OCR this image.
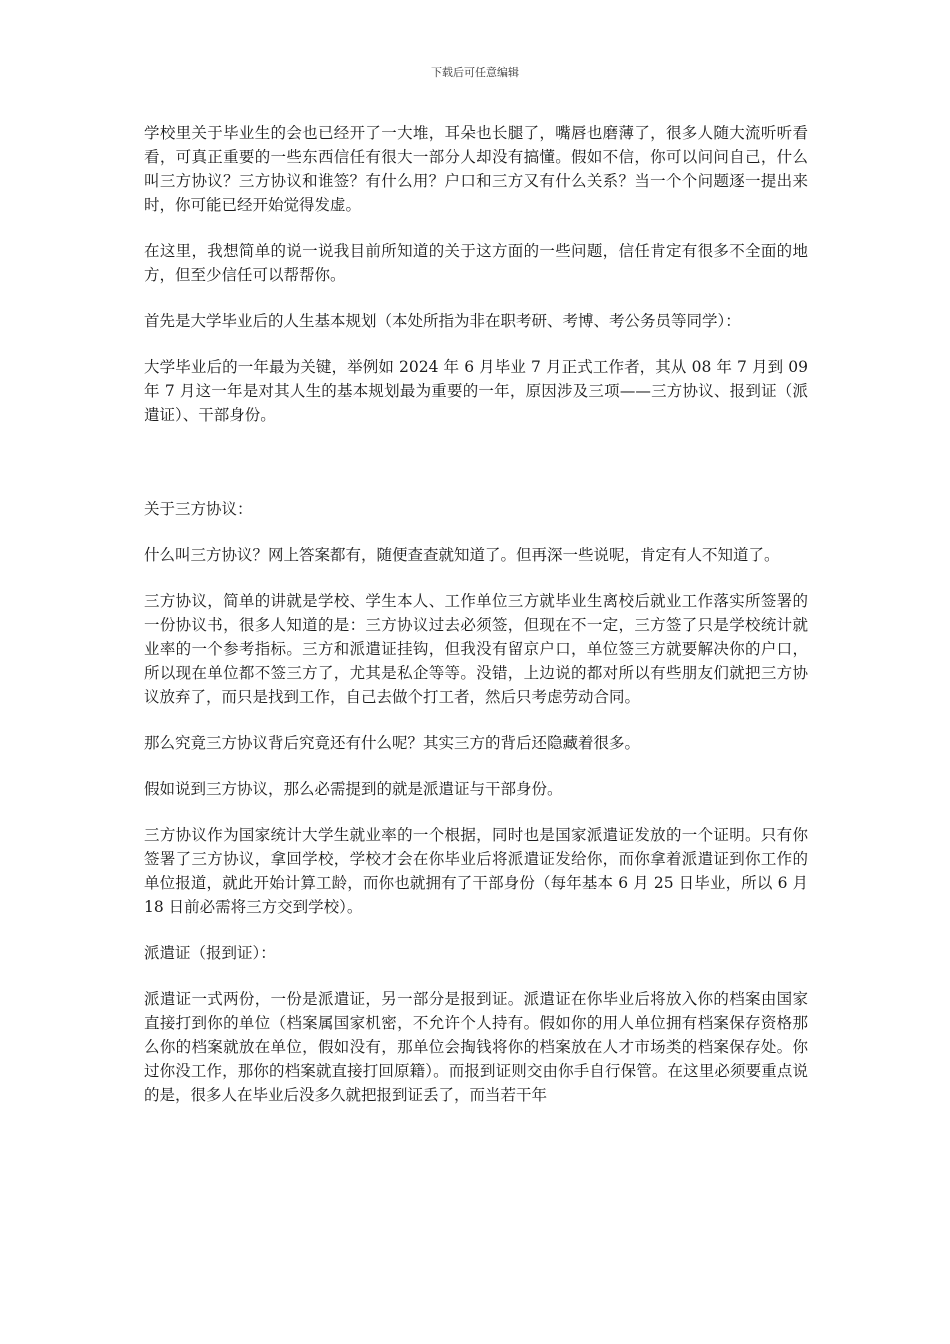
下载后可任意编辑

学校里关于毕业生的会也已经开了一大堆，耳朵也长腿了，嘴唇也磨薄了，很多人随大流听听看看，可真正重要的一些东西信任有很大一部分人却没有搞懂。假如不信，你可以问问自己，什么叫三方协议？三方协议和谁签？有什么用？户口和三方又有什么关系？当一个个问题逐一提出来时，你可能已经开始觉得发虚。

在这里，我想简单的说一说我目前所知道的关于这方面的一些问题，信任肯定有很多不全面的地方，但至少信任可以帮帮你。

首先是大学毕业后的人生基本规划（本处所指为非在职考研、考博、考公务员等同学）：

大学毕业后的一年最为关键，举例如 2024 年 6 月毕业 7 月正式工作者，其从 08 年 7 月到 09 年 7 月这一年是对其人生的基本规划最为重要的一年，原因涉及三项——三方协议、报到证（派遣证）、干部身份。

关于三方协议：

什么叫三方协议？网上答案都有，随便查查就知道了。但再深一些说呢，肯定有人不知道了。

三方协议，简单的讲就是学校、学生本人、工作单位三方就毕业生离校后就业工作落实所签署的一份协议书，很多人知道的是：三方协议过去必须签，但现在不一定，三方签了只是学校统计就业率的一个参考指标。三方和派遣证挂钩，但我没有留京户口，单位签三方就要解决你的户口，所以现在单位都不签三方了，尤其是私企等等。没错，上边说的都对所以有些朋友们就把三方协议放弃了，而只是找到工作，自己去做个打工者，然后只考虑劳动合同。

那么究竟三方协议背后究竟还有什么呢？其实三方的背后还隐藏着很多。

假如说到三方协议，那么必需提到的就是派遣证与干部身份。

三方协议作为国家统计大学生就业率的一个根据，同时也是国家派遣证发放的一个证明。只有你签署了三方协议，拿回学校，学校才会在你毕业后将派遣证发给你，而你拿着派遣证到你工作的单位报道，就此开始计算工龄，而你也就拥有了干部身份（每年基本 6 月 25 日毕业，所以 6 月 18 日前必需将三方交到学校）。

派遣证（报到证）：

派遣证一式两份，一份是派遣证，另一部分是报到证。派遣证在你毕业后将放入你的档案由国家直接打到你的单位（档案属国家机密，不允许个人持有。假如你的用人单位拥有档案保存资格那么你的档案就放在单位，假如没有，那单位会掏钱将你的档案放在人才市场类的档案保存处。你过你没工作，那你的档案就直接打回原籍）。而报到证则交由你手自行保管。在这里必须要重点说的是，很多人在毕业后没多久就把报到证丢了，而当若干年
